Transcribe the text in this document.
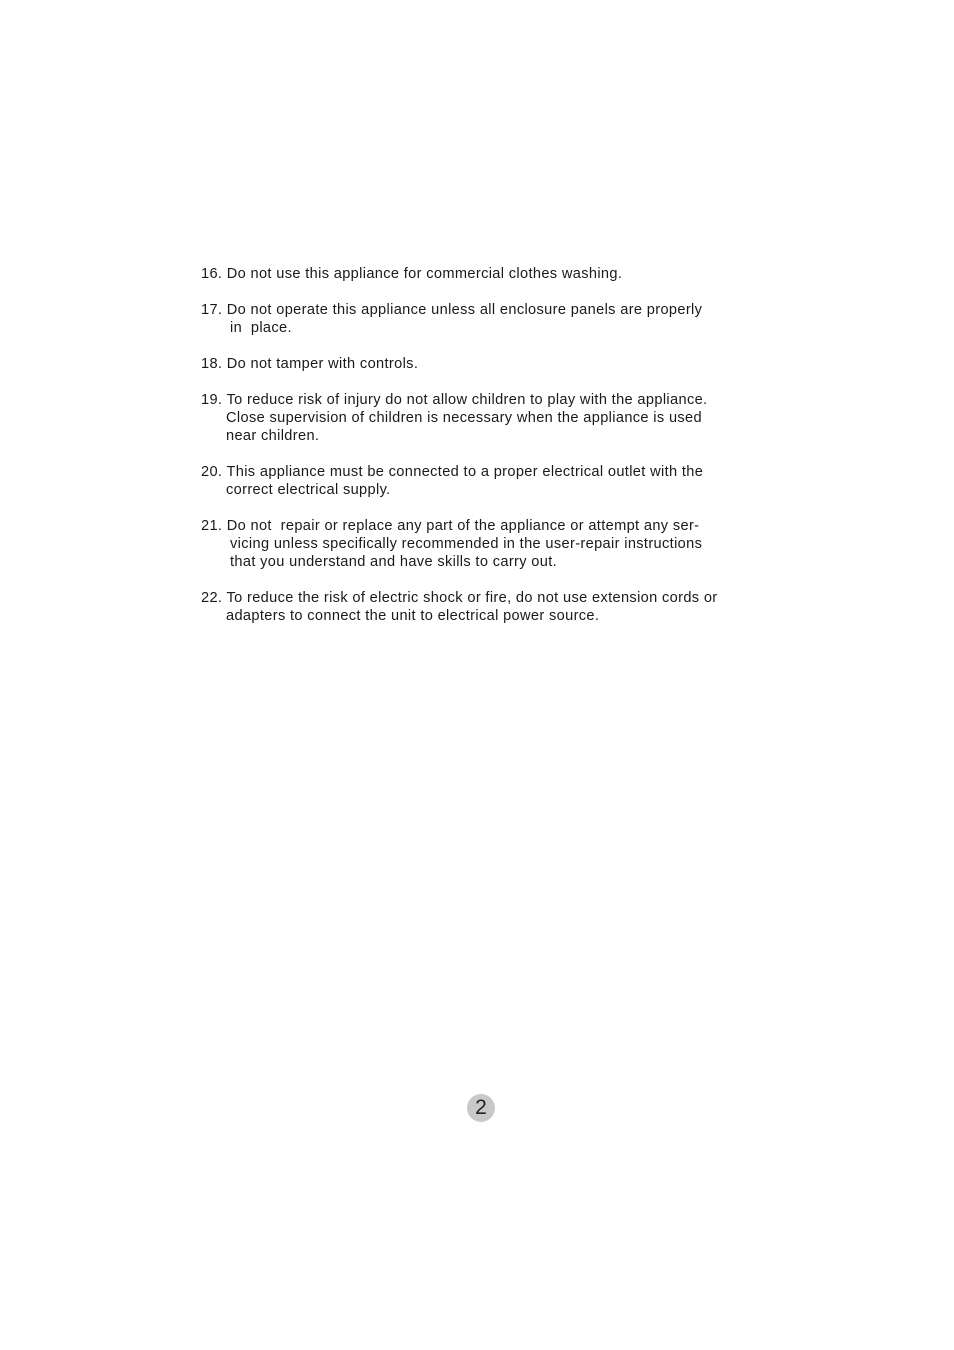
16. Do not use this appliance for commercial clothes washing.
17. Do not operate this appliance unless all enclosure panels are properly
in  place.
18. Do not tamper with controls.
19. To reduce risk of injury do not allow children to play with the appliance.
Close supervision of children is necessary when the appliance is used
near children.
20. This appliance must be connected to a proper electrical outlet with the
correct electrical supply.
21. Do not  repair or replace any part of the appliance or attempt any ser-
vicing unless specifically recommended in the user-repair instructions
that you understand and have skills to carry out.
22. To reduce the risk of electric shock or fire, do not use extension cords or
adapters to connect the unit to electrical power source.
2
